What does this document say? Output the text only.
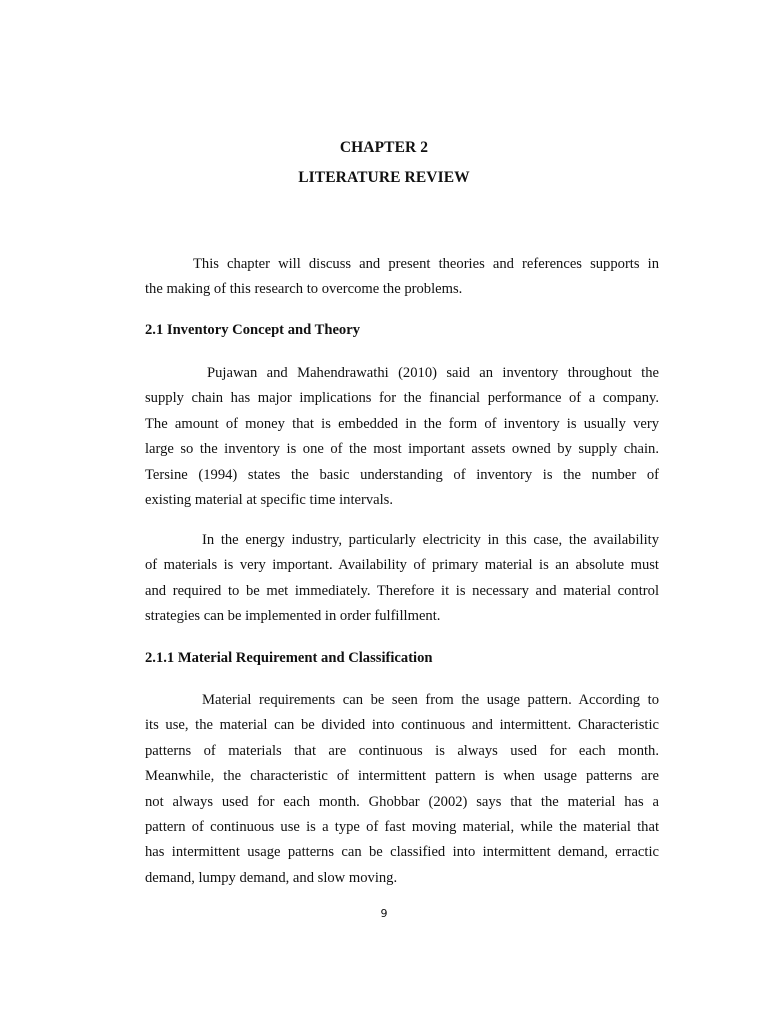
CHAPTER 2
LITERATURE REVIEW
This chapter will discuss and present theories and references supports in
the making of this research to overcome the problems.
2.1 Inventory Concept and Theory
Pujawan and Mahendrawathi (2010) said an inventory throughout the
supply chain has major implications for the financial performance of a company.
The amount of money that is embedded in the form of inventory is usually very
large so the inventory is one of the most important assets owned by supply chain.
Tersine (1994) states the basic understanding of inventory is the number of
existing material at specific time intervals.
In the energy industry, particularly electricity in this case, the availability
of materials is very important. Availability of primary material is an absolute must
and required to be met immediately. Therefore it is necessary and material control
strategies can be implemented in order fulfillment.
2.1.1 Material Requirement and Classification
Material requirements can be seen from the usage pattern. According to
its use, the material can be divided into continuous and intermittent. Characteristic
patterns of materials that are continuous is always used for each month.
Meanwhile, the characteristic of intermittent pattern is when usage patterns are
not always used for each month. Ghobbar (2002) says that the material has a
pattern of continuous use is a type of fast moving material, while the material that
has intermittent usage patterns can be classified into intermittent demand, erractic
demand, lumpy demand, and slow moving.
9
